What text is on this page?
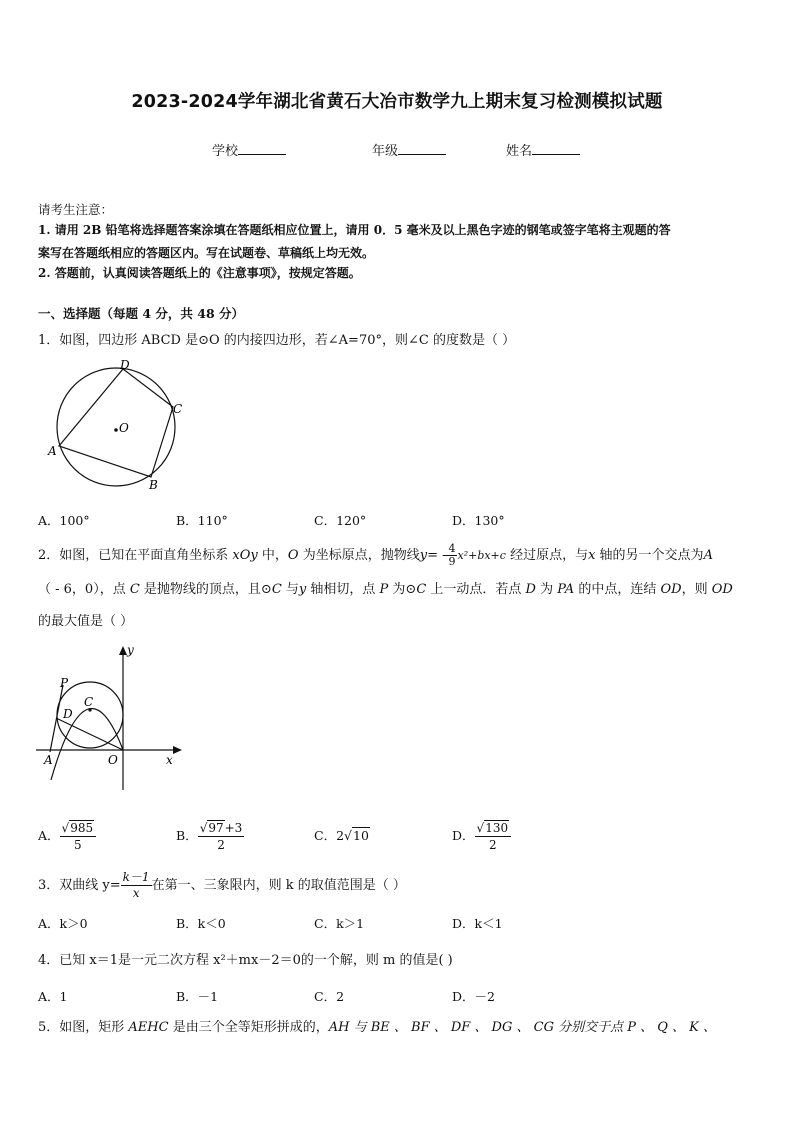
2023-2024学年湖北省黄石大冶市数学九上期末复习检测模拟试题
学校	年级	姓名
请考生注意：
1. 请用 2B 铅笔将选择题答案涂填在答题纸相应位置上，请用 0．5 毫米及以上黑色字迹的钢笔或签字笔将主观题的答
案写在答题纸相应的答题区内。写在试题卷、草稿纸上均无效。
2. 答题前，认真阅读答题纸上的《注意事项》，按规定答题。
一、选择题（每题 4 分，共 48 分）
1．如图，四边形 ABCD 是⊙O 的内接四边形，若∠A=70°，则∠C 的度数是（ ）
D
C
O
A
B
A．100°	B．110°	C．120°	D．130°
2．如图，已知在平面直角坐标系 xOy 中，O 为坐标原点，抛物线$y= - \frac{4}{9} x^2+bx+c$ 经过原点，与x 轴的另一个交点为A
（ - 6，0），点 C 是抛物线的顶点，且⊙C 与y 轴相切，点 P 为⊙C 上一动点．若点 D 为 PA 的中点，连结 OD，则 OD
的最大值是（ ）
y
x
P
C
D
A	O
A． $\frac{√985}{5}$	B． $\frac{√97+3}{2}$	C．2√10	D． $\frac{√130}{2}$
3．双曲线 $y= \frac{k-1}{x}$ 在第一、三象限内，则 k 的取值范围是（ ）
A．k＞0	B．k＜0	C．k＞1	D．k＜1
4．已知 x＝1是一元二次方程 x²＋mx－2＝0的一个解，则 m 的值是( )
A．1	B．－1	C．2	D．－2
5．如图，矩形 AEHC 是由三个全等矩形拼成的，AH 与 BE 、 BF 、 DF 、 DG 、 CG 分别交于点 P 、 Q 、 K 、
